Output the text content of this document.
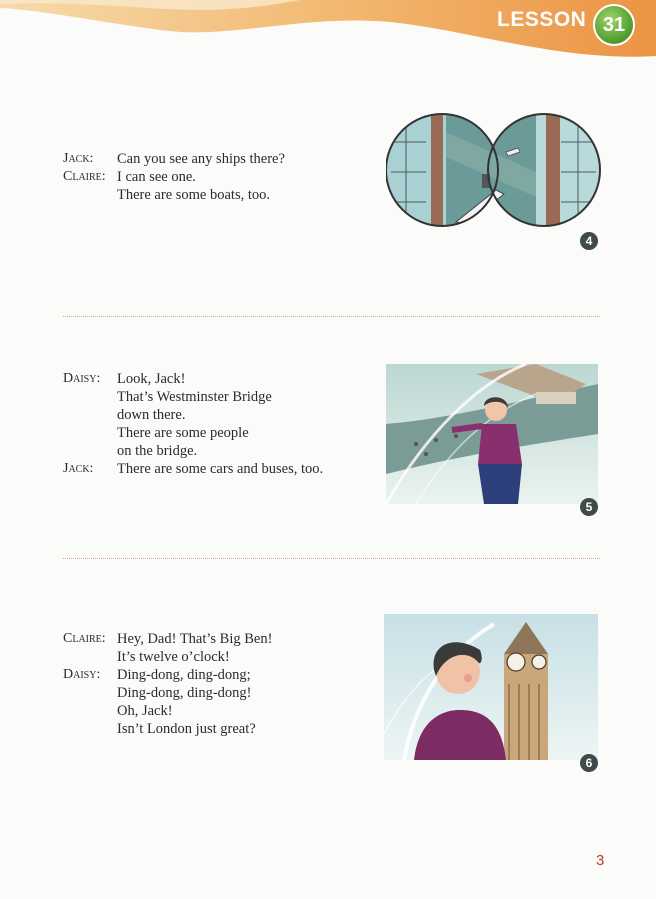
LESSON 31
Jack:	Can you see any ships there?
Claire: I can see one.
There are some boats, too.
4
Daisy:	Look, Jack!
That’s Westminster Bridge
down there.
There are some people
on the bridge.
Jack:	There are some cars and buses, too.
5
Claire: Hey, Dad! That’s Big Ben!
It’s twelve o’clock!
Daisy:	Ding-dong, ding-dong;
Ding-dong, ding-dong!
Oh, Jack!
Isn’t London just great?
6
3
